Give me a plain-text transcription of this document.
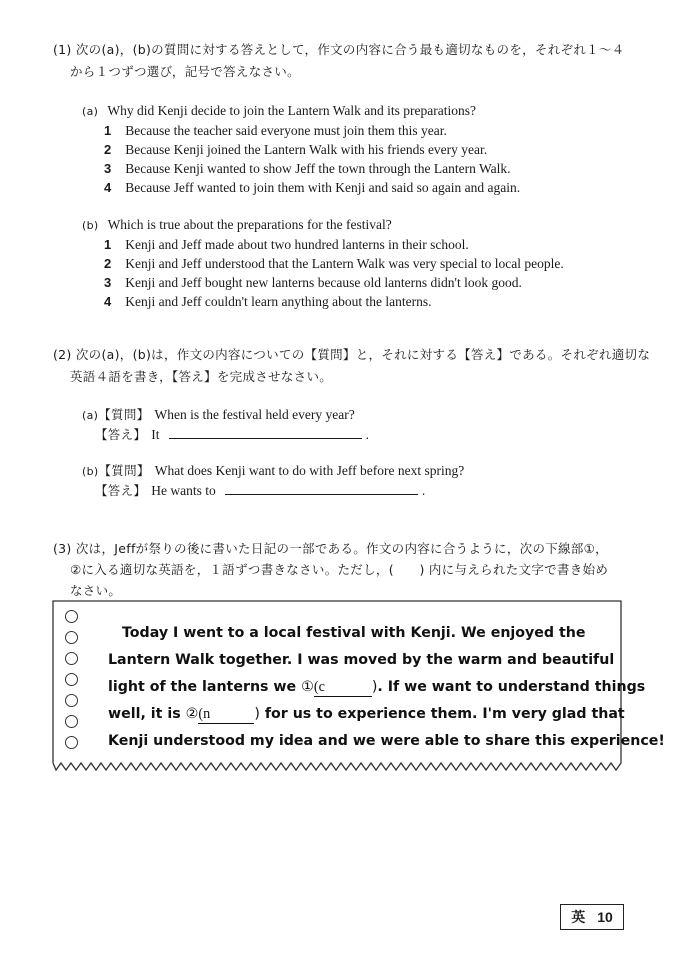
(1) 次の(a)，(b)の質問に対する答えとして，作文の内容に合う最も適切なものを，それぞれ１～４
から１つずつ選び，記号で答えなさい。
(a) Why did Kenji decide to join the Lantern Walk and its preparations?
1 Because the teacher said everyone must join them this year.
2 Because Kenji joined the Lantern Walk with his friends every year.
3 Because Kenji wanted to show Jeff the town through the Lantern Walk.
4 Because Jeff wanted to join them with Kenji and said so again and again.
(b) Which is true about the preparations for the festival?
1 Kenji and Jeff made about two hundred lanterns in their school.
2 Kenji and Jeff understood that the Lantern Walk was very special to local people.
3 Kenji and Jeff bought new lanterns because old lanterns didn't look good.
4 Kenji and Jeff couldn't learn anything about the lanterns.
(2) 次の(a)，(b)は，作文の内容についての【質問】と，それに対する【答え】である。それぞれ適切な
英語４語を書き，【答え】を完成させなさい。
(a)【質問】 When is the festival held every year?
【答え】 It	.
(b)【質問】 What does Kenji want to do with Jeff before next spring?
【答え】 He wants to	.
(3) 次は，Jeffが祭りの後に書いた日記の一部である。作文の内容に合うように，次の下線部①，
②に入る適切な英語を，１語ずつ書きなさい。ただし，(　　) 内に与えられた文字で書き始め
なさい。
Today I went to a local festival with Kenji. We enjoyed the
Lantern Walk together. I was moved by the warm and beautiful
light of the lanterns we ①(c	). If we want to understand things
well, it is ②(n	) for us to experience them. I'm very glad that
Kenji understood my idea and we were able to share this experience!
英 10
